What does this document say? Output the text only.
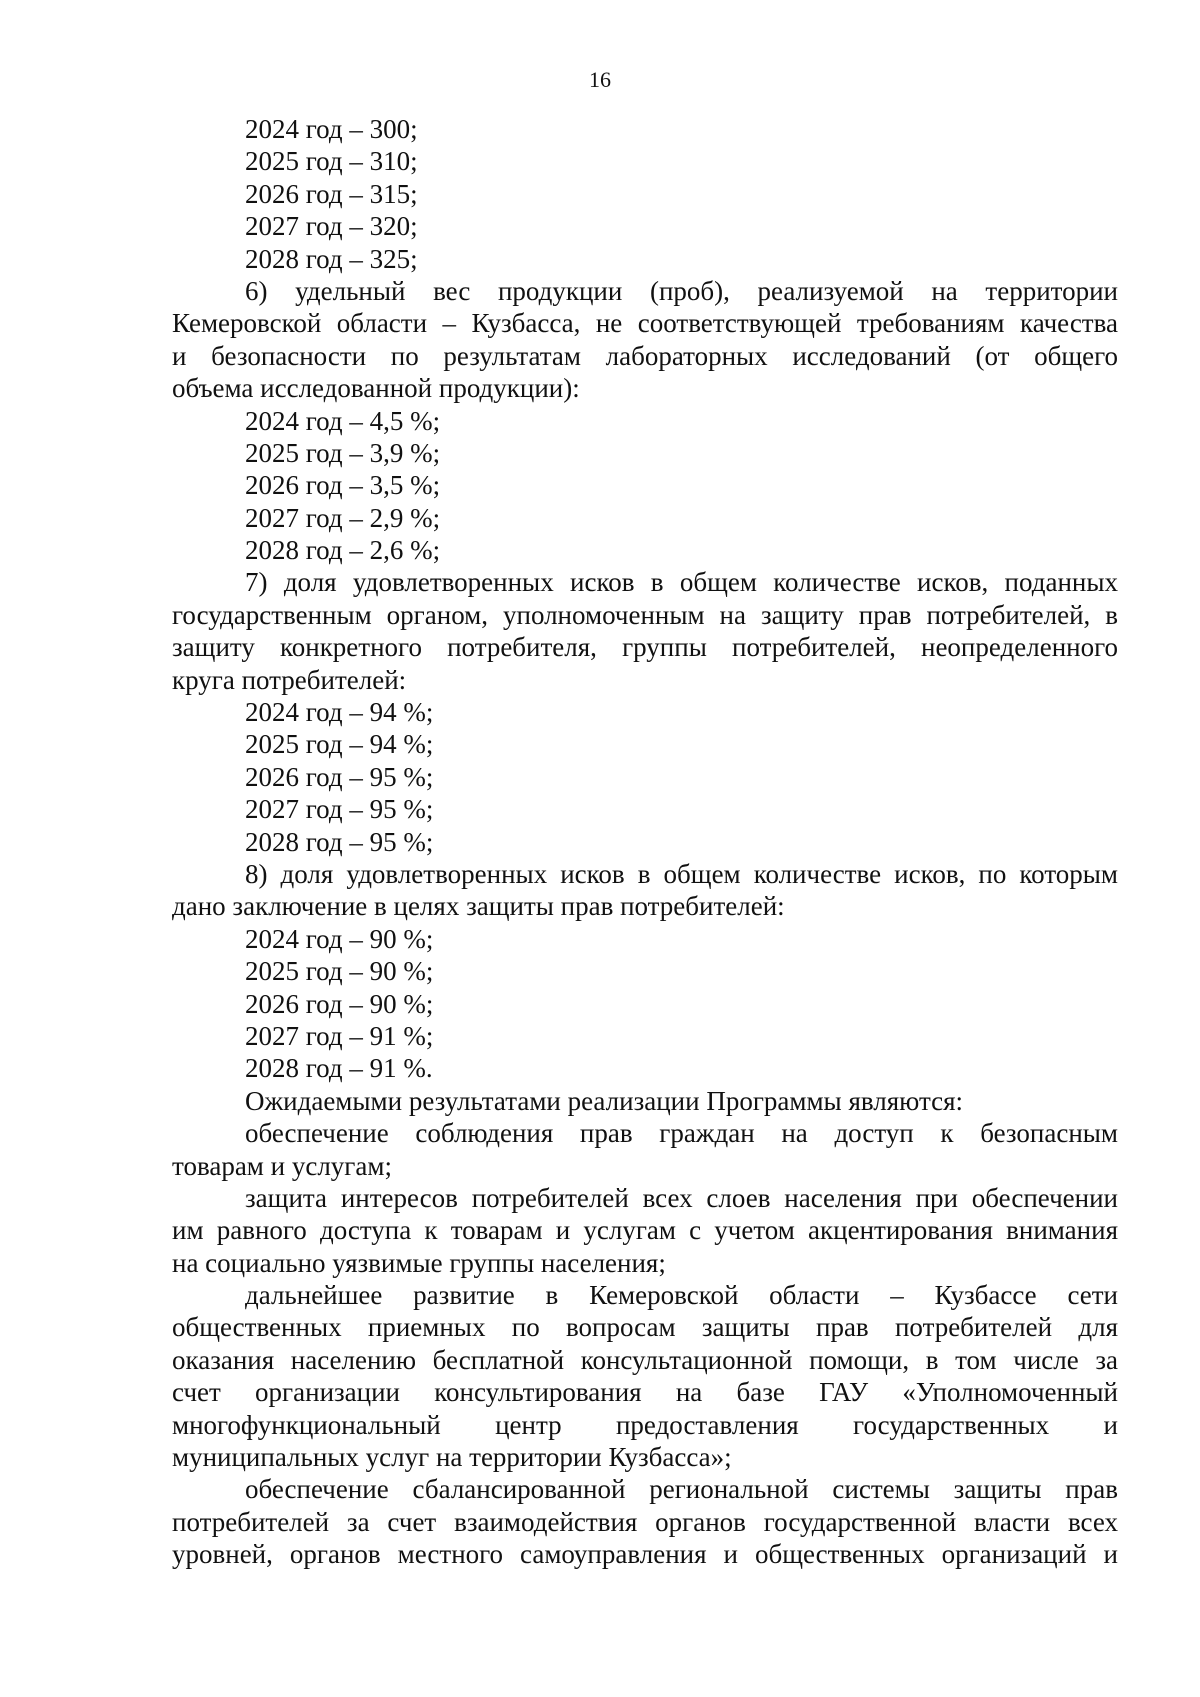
16
2024 год – 300;
2025 год – 310;
2026 год – 315;
2027 год – 320;
2028 год – 325;
6) удельный вес продукции (проб), реализуемой на территории
Кемеровской области – Кузбасса, не соответствующей требованиям качества
и безопасности по результатам лабораторных исследований (от общего
объема исследованной продукции):
2024 год – 4,5 %;
2025 год – 3,9 %;
2026 год – 3,5 %;
2027 год – 2,9 %;
2028 год – 2,6 %;
7) доля удовлетворенных исков в общем количестве исков, поданных
государственным органом, уполномоченным на защиту прав потребителей, в
защиту конкретного потребителя, группы потребителей, неопределенного
круга потребителей:
2024 год – 94 %;
2025 год – 94 %;
2026 год – 95 %;
2027 год – 95 %;
2028 год – 95 %;
8) доля удовлетворенных исков в общем количестве исков, по которым
дано заключение в целях защиты прав потребителей:
2024 год – 90 %;
2025 год – 90 %;
2026 год – 90 %;
2027 год – 91 %;
2028 год – 91 %.
Ожидаемыми результатами реализации Программы являются:
обеспечение соблюдения прав граждан на доступ к безопасным
товарам и услугам;
защита интересов потребителей всех слоев населения при обеспечении
им равного доступа к товарам и услугам с учетом акцентирования внимания
на социально уязвимые группы населения;
дальнейшее развитие в Кемеровской области – Кузбассе сети
общественных приемных по вопросам защиты прав потребителей для
оказания населению бесплатной консультационной помощи, в том числе за
счет организации консультирования на базе ГАУ «Уполномоченный
многофункциональный центр предоставления государственных и
муниципальных услуг на территории Кузбасса»;
обеспечение сбалансированной региональной системы защиты прав
потребителей за счет взаимодействия органов государственной власти всех
уровней, органов местного самоуправления и общественных организаций и
